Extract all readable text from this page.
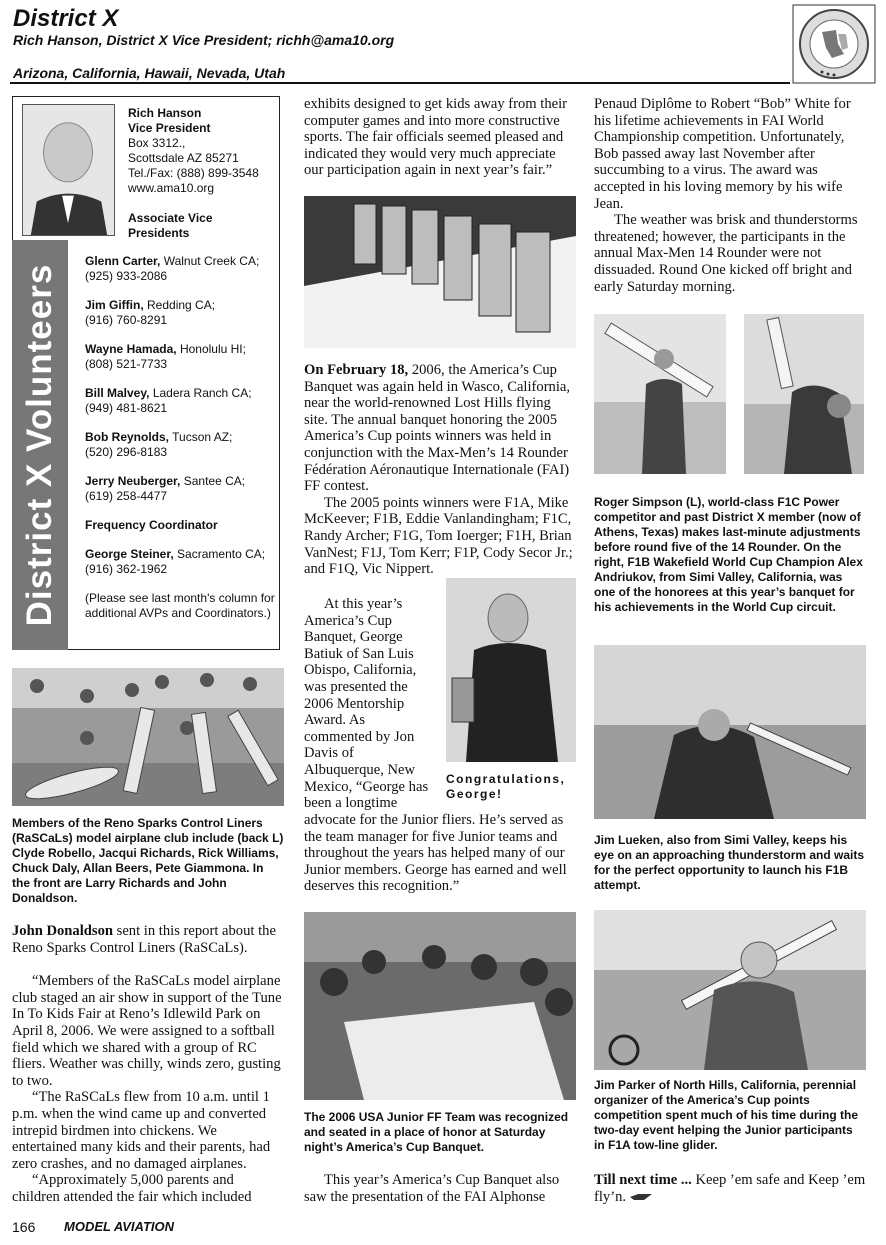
District X
Rich Hanson, District X Vice President; richh@ama10.org
Arizona, California, Hawaii, Nevada, Utah
District X Volunteers
Rich Hanson
Vice President
Box 3312.,
Scottsdale AZ 85271
Tel./Fax: (888) 899-3548
www.ama10.org
Associate Vice
Presidents
Glenn Carter, Walnut Creek CA;
(925) 933-2086
Jim Giffin, Redding CA;
(916) 760-8291
Wayne Hamada, Honolulu HI;
(808) 521-7733
Bill Malvey, Ladera Ranch CA;
(949) 481-8621
Bob Reynolds, Tucson AZ;
(520) 296-8183
Jerry Neuberger, Santee CA;
(619) 258-4477
Frequency Coordinator
George Steiner, Sacramento CA;
(916) 362-1962
(Please see last month's column for additional AVPs and Coordinators.)
Members of the Reno Sparks Control Liners (RaSCaLs) model airplane club include (back L) Clyde Robello, Jacqui Richards, Rick Williams, Chuck Daly, Allan Beers, Pete Giammona. In the front are Larry Richards and John Donaldson.

John Donaldson sent in this report about the Reno Sparks Control Liners (RaSCaLs).

“Members of the RaSCaLs model airplane club staged an air show in support of the Tune In To Kids Fair at Reno’s Idlewild Park on April 8, 2006. We were assigned to a softball field which we shared with a group of RC fliers. Weather was chilly, winds zero, gusting to two.

“The RaSCaLs flew from 10 a.m. until 1 p.m. when the wind came up and converted intrepid birdmen into chickens. We entertained many kids and their parents, had zero crashes, and no damaged airplanes.

“Approximately 5,000 parents and children attended the fair which included

exhibits designed to get kids away from their computer games and into more constructive sports. The fair officials seemed pleased and indicated they would very much appreciate our participation again in next year’s fair.”

On February 18, 2006, the America’s Cup Banquet was again held in Wasco, California, near the world-renowned Lost Hills flying site. The annual banquet honoring the 2005 America’s Cup points winners was held in conjunction with the Max-Men’s 14 Rounder Fédération Aéronautique Internationale (FAI) FF contest.

The 2005 points winners were F1A, Mike McKeever; F1B, Eddie Vanlandingham; F1C, Randy Archer; F1G, Tom Ioerger; F1H, Brian VanNest; F1J, Tom Kerr; F1P, Cody Secor Jr.; and F1Q, Vic Nippert.

At this year’s America’s Cup Banquet, George Batiuk of San Luis Obispo, California, was presented the 2006 Mentorship Award. As commented by Jon Davis of Albuquerque, New Mexico, “George has been a longtime

Congratulations, George!

advocate for the Junior fliers. He’s served as the team manager for five Junior teams and throughout the years has helped many of our Junior members. George has earned and well deserves this recognition.”

The 2006 USA Junior FF Team was recognized and seated in a place of honor at Saturday night’s America’s Cup Banquet.

This year’s America’s Cup Banquet also saw the presentation of the FAI Alphonse

Penaud Diplôme to Robert “Bob” White for his lifetime achievements in FAI World Championship competition. Unfortunately, Bob passed away last November after succumbing to a virus. The award was accepted in his loving memory by his wife Jean.

The weather was brisk and thunderstorms threatened; however, the participants in the annual Max-Men 14 Rounder were not dissuaded. Round One kicked off bright and early Saturday morning.

Roger Simpson (L), world-class F1C Power competitor and past District X member (now of Athens, Texas) makes last-minute adjustments before round five of the 14 Rounder. On the right, F1B Wakefield World Cup Champion Alex Andriukov, from Simi Valley, California, was one of the honorees at this year’s banquet for his achievements in the World Cup circuit.
Jim Lueken, also from Simi Valley, keeps his eye on an approaching thunderstorm and waits for the perfect opportunity to launch his F1B attempt.
Jim Parker of North Hills, California, perennial organizer of the America’s Cup points competition spent much of his time during the two-day event helping the Junior participants in F1A tow-line glider.

Till next time ... Keep ’em safe and Keep ’em fly’n.

166 MODEL AVIATION
